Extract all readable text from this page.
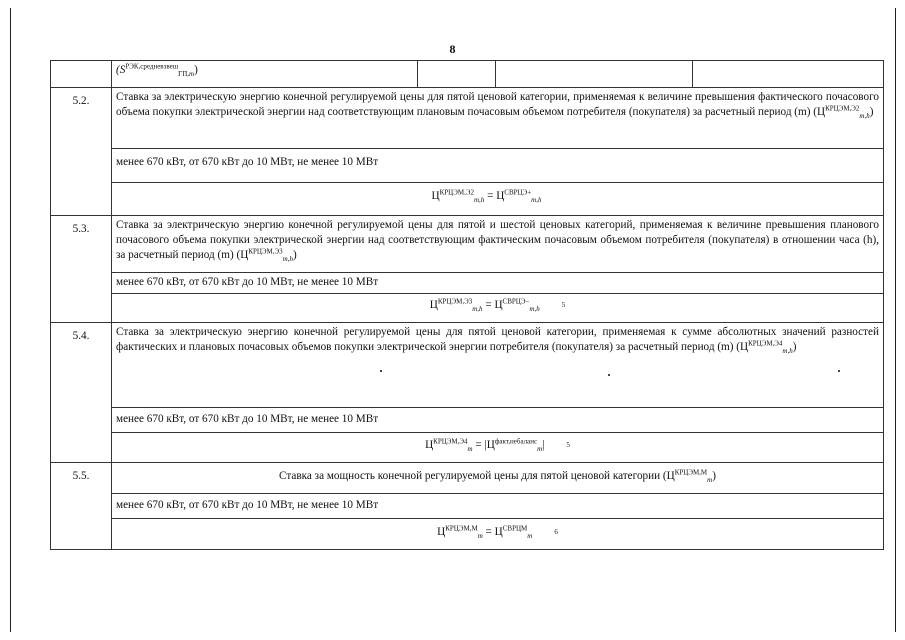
8
	$(S^{РЭК,средневзвеш}_{ГП,m})$			
5.2.	Ставка за электрическую энергию конечной регулируемой цены для пятой ценовой категории, применяемая к величине превышения фактического почасового объема покупки электрической энергии над соответствующим плановым почасовым объемом потребителя (покупателя) за расчетный период (m) $(Ц^{КРЦЭМ,Э2}_{m,h})$			
	менее 670 кВт, от 670 кВт до 10 МВт, не менее 10 МВт			
	$Ц^{КРЦЭМ,Э2}_{m,h} = Ц^{СВРЦЭ+}_{m,h}$
5.3.	Ставка за электрическую энергию конечной регулируемой цены для пятой и шестой ценовых категорий, применяемая к величине превышения планового почасового объема покупки электрической энергии над соответствующим фактическим почасовым объемом потребителя (покупателя) в отношении часа (h), за расчетный период (m) $(Ц^{КРЦЭМ,Э3}_{m,h})$			
	менее 670 кВт, от 670 кВт до 10 МВт, не менее 10 МВт			
	$Ц^{КРЦЭМ,Э3}_{m,h} = Ц^{СВРЦЭ-}_{m,h}5$			
5.4.	Ставка за электрическую энергию конечной регулируемой цены для пятой ценовой категории, применяемая к сумме абсолютных значений разностей фактических и плановых почасовых объемов покупки электрической энергии потребителя (покупателя) за расчетный период (m) $(Ц^{КРЦЭМ,Э4}_{m,h})$			
	менее 670 кВт, от 670 кВт до 10 МВт, не менее 10 МВт			
	$Ц^{КРЦЭМ,Э4}_m = |Ц^{факт,небаланс}_m|$ 5			
5.5.	Ставка за мощность конечной регулируемой цены для пятой ценовой категории $(Ц^{КРЦЭМ,М}_m)$			
	менее 670 кВт, от 670 кВт до 10 МВт, не менее 10 МВт			
	$Ц^{КРЦЭМ,М}_m = Ц^{СВРЦМ}_m6$			
